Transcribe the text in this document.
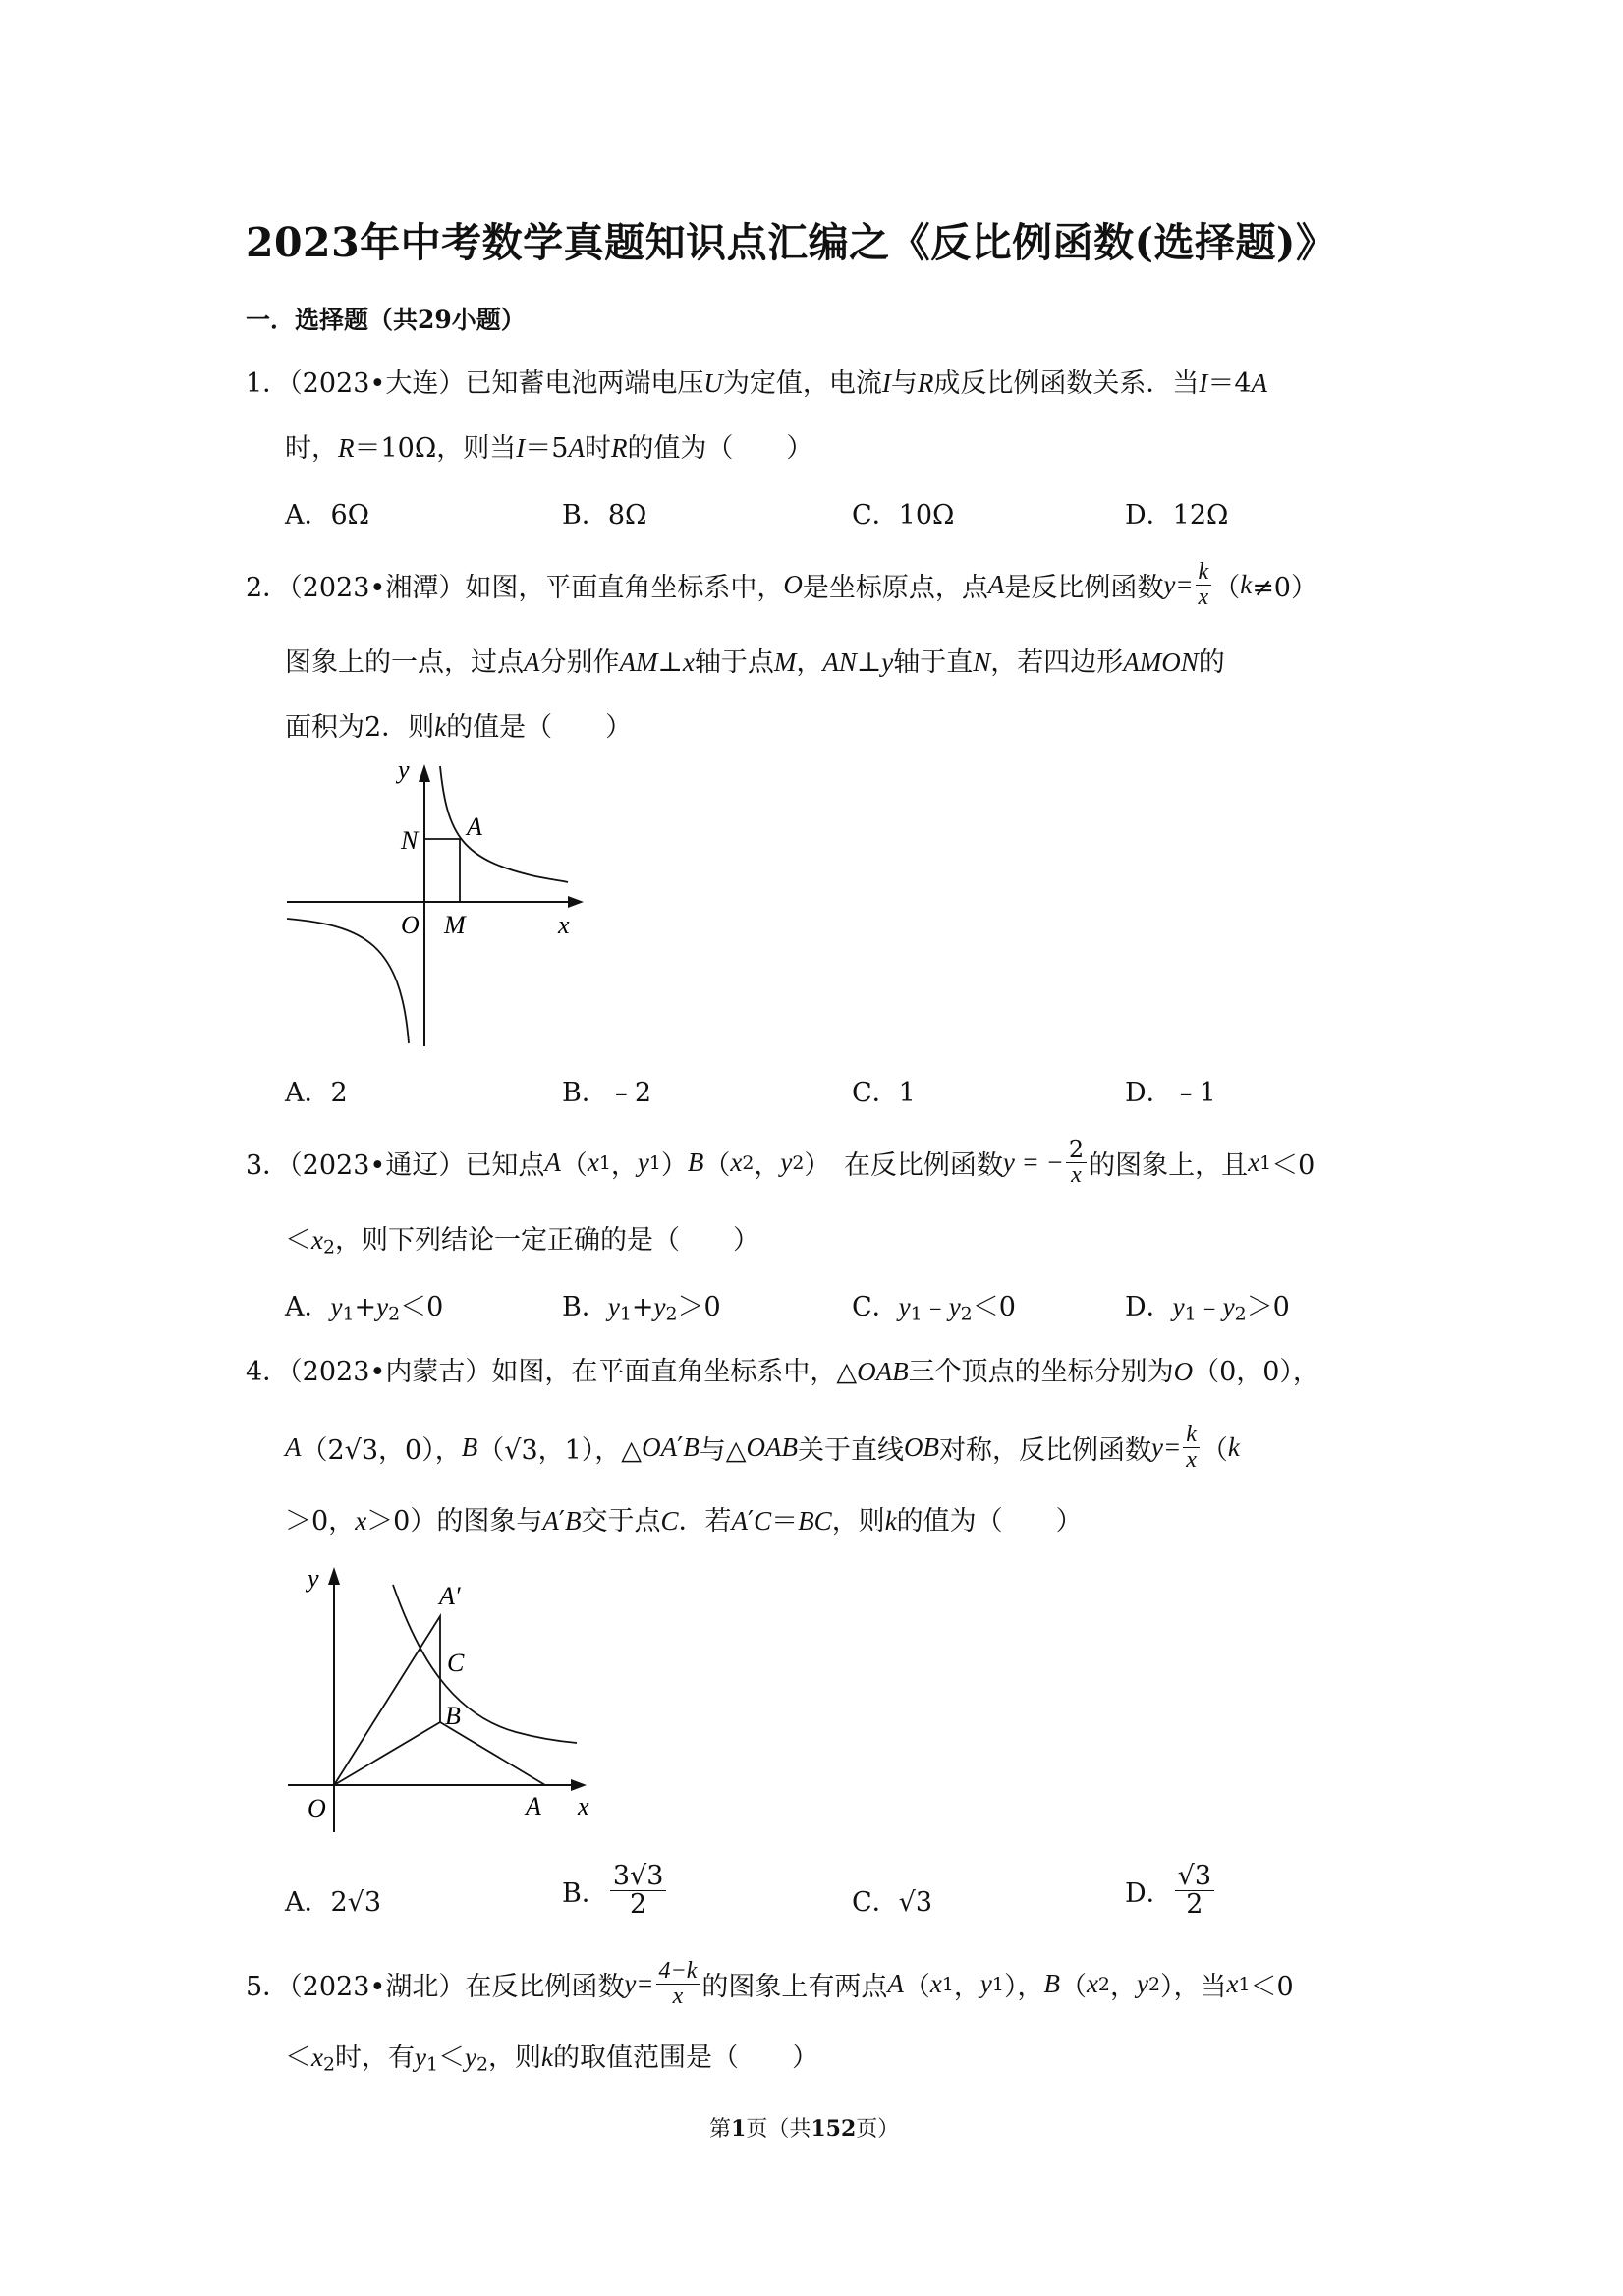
2023年中考数学真题知识点汇编之《反比例函数(选择题)》
一．选择题（共29小题）
1．（2023•大连）已知蓄电池两端电压U为定值，电流I与R成反比例函数关系．当I＝4A
时，R＝10Ω，则当I＝5A时R的值为（　　）
A．6Ω	B．8Ω	C．10Ω	D．12Ω
2．（2023•湘潭）如图，平面直角坐标系中， O 是坐标原点，点 A 是反比例函数 $y= \frac{k}{x}$ （ k ≠0）
图象上的一点，过点A分别作AM⊥x轴于点M，AN⊥y轴于直N，若四边形AMON的
面积为2．则k的值是（　　）
y
N A
O M	x
A．2	B．﹣2	C．1	D．﹣1
3．（2023•通辽）已知点 A （ x 1 ， y 1 ） B （ x 2 ， y 2 ）　在反比例函数 y = − $\frac{2}{x}$ 的图象上，且 x 1 ＜0
$<x_2$，则下列结论一定正确的是（　　）
A．$y_1+y_2<0$	B．$y_1+y_2>0$	C．$y_1﹣y_2<0$	D．$y_1﹣y_2>0$
4．（2023•内蒙古）如图，在平面直角坐标系中，△OAB三个顶点的坐标分别为O（0，0），
A （2√3，0）， B （√3，1），△ OA ′ B 与△ OAB 关于直线 OB 对称，反比例函数 $y= \frac{k}{x}$ （ k
＞0，x＞0）的图象与A′B交于点C．若A′C＝BC，则k的值为（　　）
y
A′
C
B
O	A x
A．2√3	B． $\frac{3√3}{2}$	C．√3	D． $\frac{√3}{2}$
5．（2023•湖北）在反比例函数 $y= \frac{4-k}{x}$ 的图象上有两点 A （ x 1 ， y 1 ）， B （ x 2 ， y 2 ），当 x 1 ＜0
$<x_2$时，有$y_1<y_2$，则k的取值范围是（　　）
第1页（共152页）
